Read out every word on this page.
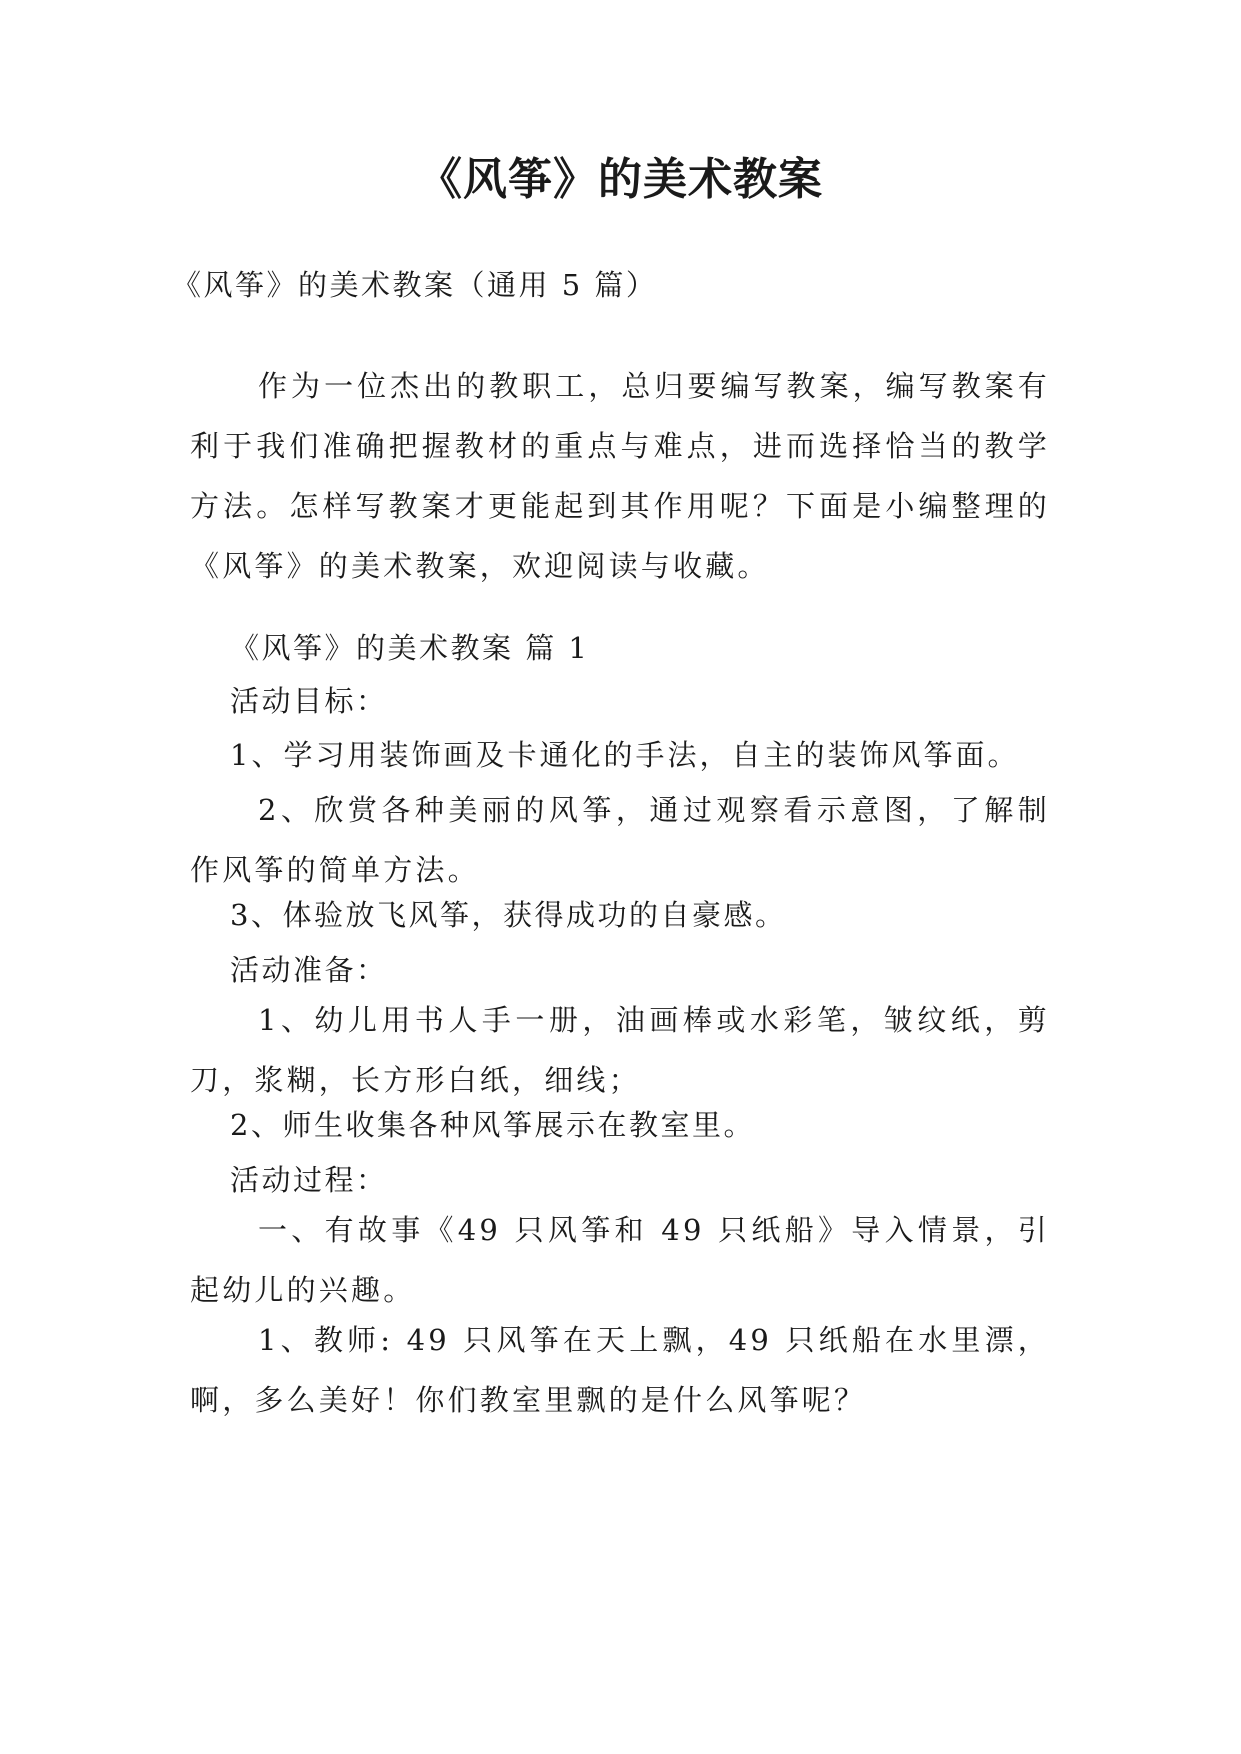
《风筝》的美术教案
《风筝》的美术教案（通用 5 篇）

作为一位杰出的教职工，总归要编写教案，编写教案有利于我们准确把握教材的重点与难点，进而选择恰当的教学方法。怎样写教案才更能起到其作用呢？下面是小编整理的《风筝》的美术教案，欢迎阅读与收藏。

《风筝》的美术教案 篇 1
活动目标：
1、学习用装饰画及卡通化的手法，自主的装饰风筝面。

2、欣赏各种美丽的风筝，通过观察看示意图，了解制作风筝的简单方法。

3、体验放飞风筝，获得成功的自豪感。
活动准备：

1、幼儿用书人手一册，油画棒或水彩笔，皱纹纸，剪刀，浆糊，长方形白纸，细线；

2、师生收集各种风筝展示在教室里。
活动过程：

一、有故事《49 只风筝和 49 只纸船》导入情景，引起幼儿的兴趣。

1、教师: 49 只风筝在天上飘，49 只纸船在水里漂，啊，多么美好！你们教室里飘的是什么风筝呢？
